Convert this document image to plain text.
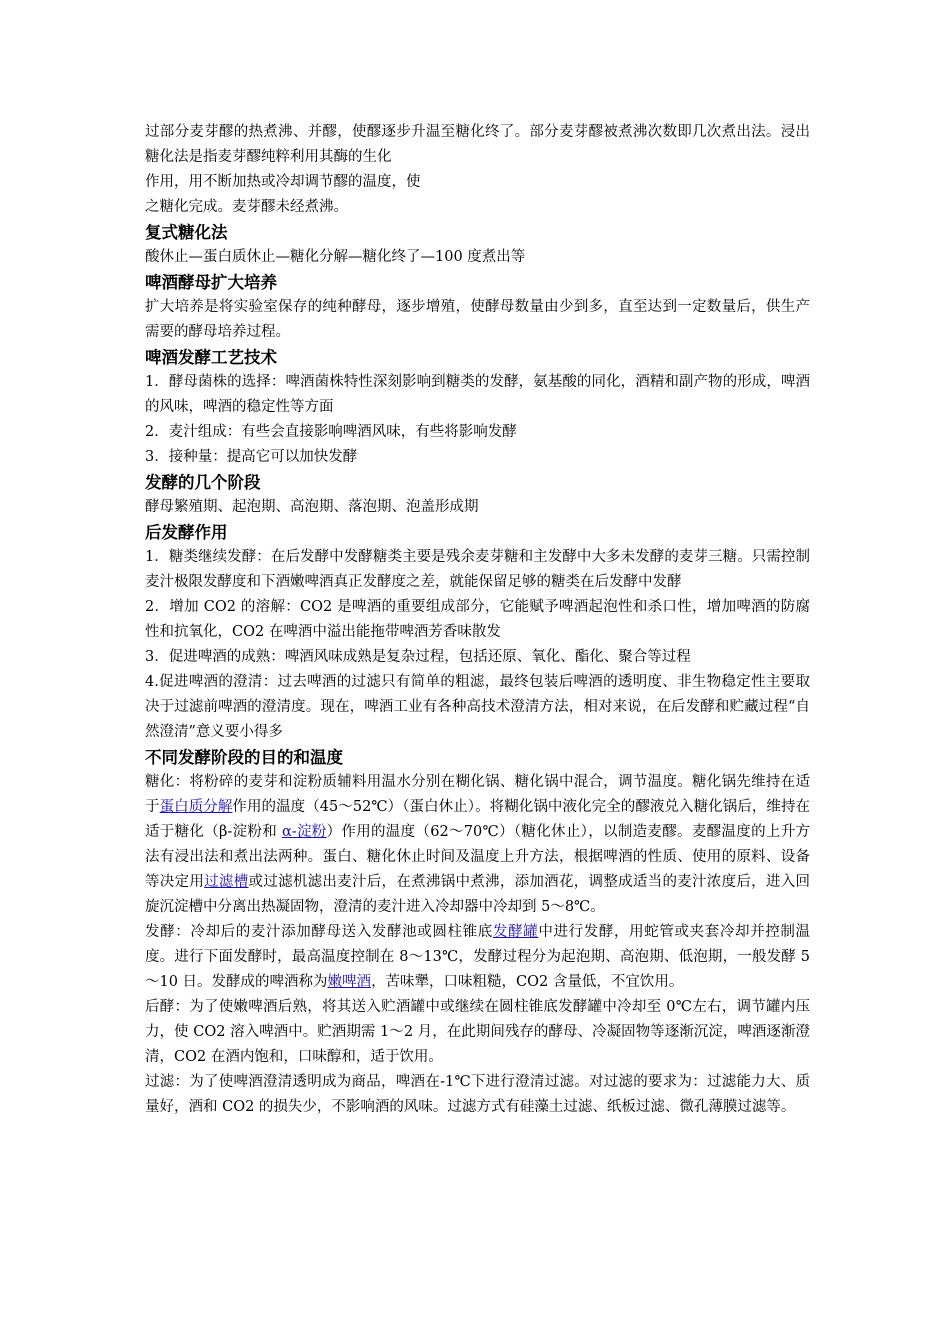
过部分麦芽醪的热煮沸、并醪，使醪逐步升温至糖化终了。部分麦芽醪被煮沸次数即几次煮出法。浸出糖化法是指麦芽醪纯粹利用其酶的生化

作用，用不断加热或冷却调节醪的温度，使

之糖化完成。麦芽醪未经煮沸。

复式糖化法

酸休止—蛋白质休止—糖化分解—糖化终了—100 度煮出等

啤酒酵母扩大培养

扩大培养是将实验室保存的纯种酵母，逐步增殖，使酵母数量由少到多，直至达到一定数量后，供生产需要的酵母培养过程。

啤酒发酵工艺技术

1．酵母菌株的选择：啤酒菌株特性深刻影响到糖类的发酵，氨基酸的同化，酒精和副产物的形成，啤酒的风味，啤酒的稳定性等方面

2．麦汁组成：有些会直接影响啤酒风味，有些将影响发酵

3．接种量：提高它可以加快发酵

发酵的几个阶段

酵母繁殖期、起泡期、高泡期、落泡期、泡盖形成期

后发酵作用

1．糖类继续发酵：在后发酵中发酵糖类主要是残余麦芽糖和主发酵中大多未发酵的麦芽三糖。只需控制麦汁极限发酵度和下酒嫩啤酒真正发酵度之差，就能保留足够的糖类在后发酵中发酵

2．增加 CO2 的溶解：CO2 是啤酒的重要组成部分，它能赋予啤酒起泡性和杀口性，增加啤酒的防腐性和抗氧化，CO2 在啤酒中溢出能拖带啤酒芳香味散发

3．促进啤酒的成熟：啤酒风味成熟是复杂过程，包括还原、氧化、酯化、聚合等过程

4.促进啤酒的澄清：过去啤酒的过滤只有简单的粗滤，最终包装后啤酒的透明度、非生物稳定性主要取决于过滤前啤酒的澄清度。现在，啤酒工业有各种高技术澄清方法，相对来说，在后发酵和贮藏过程“自然澄清”意义要小得多

不同发酵阶段的目的和温度

糖化：将粉碎的麦芽和淀粉质辅料用温水分别在糊化锅、糖化锅中混合，调节温度。糖化锅先维持在适于蛋白质分解作用的温度（45～52℃）（蛋白休止）。将糊化锅中液化完全的醪液兑入糖化锅后，维持在适于糖化（β-淀粉和 α-淀粉）作用的温度（62～70℃）（糖化休止），以制造麦醪。麦醪温度的上升方法有浸出法和煮出法两种。蛋白、糖化休止时间及温度上升方法，根据啤酒的性质、使用的原料、设备等决定用过滤槽或过滤机滤出麦汁后，在煮沸锅中煮沸，添加酒花，调整成适当的麦汁浓度后，进入回旋沉淀槽中分离出热凝固物，澄清的麦汁进入冷却器中冷却到 5～8℃。

发酵：冷却后的麦汁添加酵母送入发酵池或圆柱锥底发酵罐中进行发酵，用蛇管或夹套冷却并控制温度。进行下面发酵时，最高温度控制在 8～13℃，发酵过程分为起泡期、高泡期、低泡期，一般发酵 5～10 日。发酵成的啤酒称为嫩啤酒，苦味犟，口味粗糙，CO2 含量低，不宜饮用。

后酵：为了使嫩啤酒后熟，将其送入贮酒罐中或继续在圆柱锥底发酵罐中冷却至 0℃左右，调节罐内压力，使 CO2 溶入啤酒中。贮酒期需 1～2 月，在此期间残存的酵母、冷凝固物等逐渐沉淀，啤酒逐渐澄清，CO2 在酒内饱和，口味醇和，适于饮用。

过滤：为了使啤酒澄清透明成为商品，啤酒在-1℃下进行澄清过滤。对过滤的要求为：过滤能力大、质量好，酒和 CO2 的损失少，不影响酒的风味。过滤方式有硅藻土过滤、纸板过滤、微孔薄膜过滤等。
